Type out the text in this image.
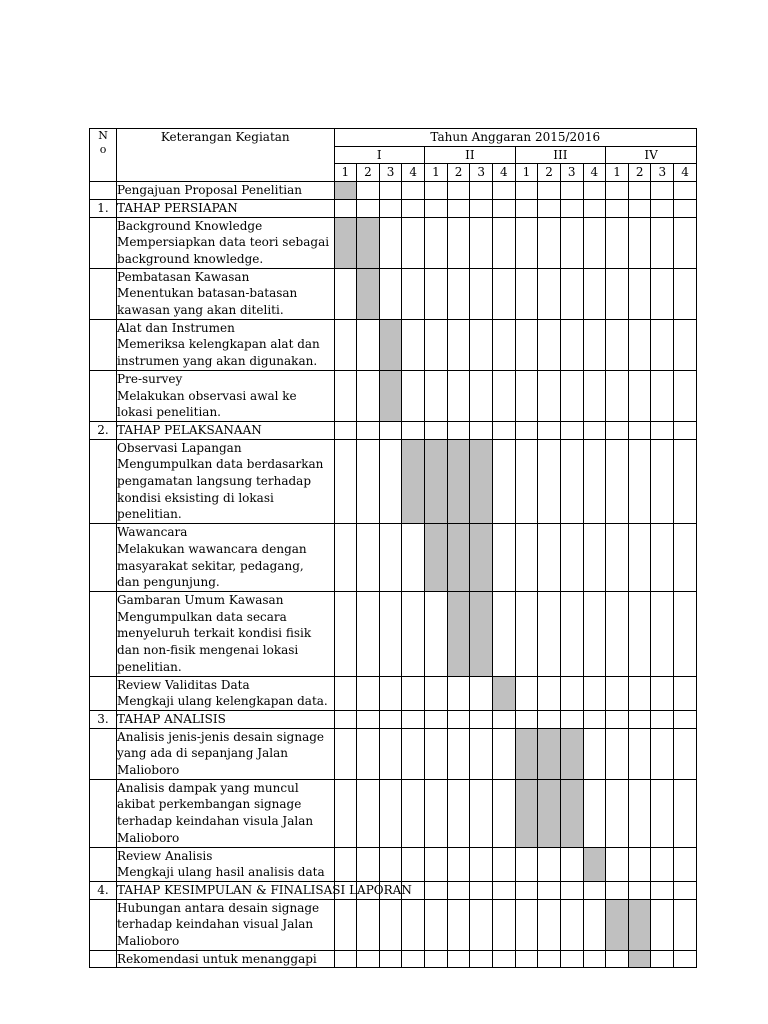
N
o	Keterangan Kegiatan	Tahun Anggaran 2015/2016															
		I				II				III				IV			
		1	2	3	4	1	2	3	4	1	2	3	4	1	2	3	4

	Pengajuan Proposal Penelitian																

1.	TAHAP PERSIAPAN																

	Background Knowledge
Mempersiapkan data teori sebagai
background knowledge.																

	Pembatasan Kawasan
Menentukan batasan-batasan
kawasan yang akan diteliti.																

	Alat dan Instrumen
Memeriksa kelengkapan alat dan
instrumen yang akan digunakan.																

	Pre-survey
Melakukan observasi awal ke
lokasi penelitian.																

2.	TAHAP PELAKSANAAN																

	Observasi Lapangan
Mengumpulkan data berdasarkan
pengamatan langsung terhadap
kondisi eksisting di lokasi
penelitian.																

	Wawancara
Melakukan wawancara dengan
masyarakat sekitar, pedagang,
dan pengunjung.																

	Gambaran Umum Kawasan
Mengumpulkan data secara
menyeluruh terkait kondisi fisik
dan non-fisik mengenai lokasi
penelitian.																

	Review Validitas Data
Mengkaji ulang kelengkapan data.																

3.	TAHAP ANALISIS																

	Analisis jenis-jenis desain signage
yang ada di sepanjang Jalan
Malioboro																

	Analisis dampak yang muncul
akibat perkembangan signage
terhadap keindahan visula Jalan
Malioboro																

	Review Analisis
Mengkaji ulang hasil analisis data																

4.	TAHAP KESIMPULAN & FINALISASI LAPORAN																

	Hubungan antara desain signage
terhadap keindahan visual Jalan
Malioboro																

	Rekomendasi untuk menanggapi																
